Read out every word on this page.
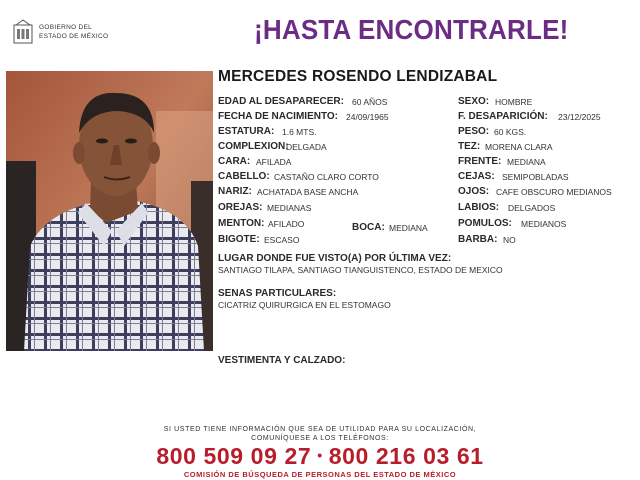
GOBIERNO DEL
ESTADO DE MÉXICO	¡HASTA ENCONTRARLE!
MERCEDES ROSENDO LENDIZABAL
EDAD AL DESAPARECER: 60 AÑOS
FECHA DE NACIMIENTO: 24/09/1965
ESTATURA: 1.6 MTS.
COMPLEXION:
DELGADA
CARA: AFILADA
CABELLO: CASTAÑO CLARO CORTO
NARIZ: ACHATADA BASE ANCHA
OREJAS: MEDIANAS
MENTON: AFILADO	BOCA: MEDIANA
BIGOTE: ESCASO
SEXO: HOMBRE
F. DESAPARICIÓN: 23/12/2025
PESO: 60 KGS.
TEZ: MORENA CLARA
FRENTE: MEDIANA
CEJAS: SEMIPOBLADAS
OJOS: CAFE OBSCURO MEDIANOS
LABIOS: DELGADOS
POMULOS: MEDIANOS
BARBA: NO
LUGAR DONDE FUE VISTO(A) POR ÚLTIMA VEZ:
SANTIAGO TILAPA, SANTIAGO TIANGUISTENCO, ESTADO DE MEXICO
SENAS PARTICULARES:
CICATRIZ QUIRURGICA EN EL ESTOMAGO
VESTIMENTA Y CALZADO:
SI USTED TIENE INFORMACIÓN QUE SEA DE UTILIDAD PARA SU LOCALIZACIÓN,
COMUNÍQUESE A LOS TELÉFONOS:
800 509 09 27 • 800 216 03 61
COMISIÓN DE BÚSQUEDA DE PERSONAS DEL ESTADO DE MÉXICO
